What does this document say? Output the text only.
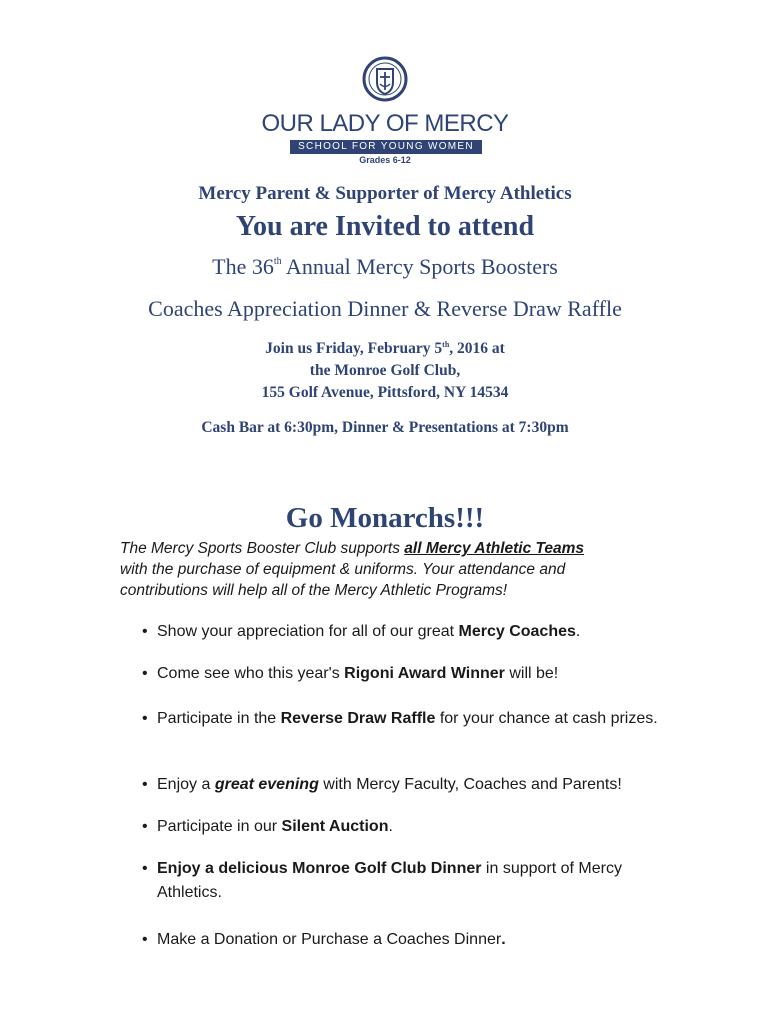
OUR LADY OF MERCY
SCHOOL FOR YOUNG WOMEN
Grades 6-12
Mercy Parent & Supporter of Mercy Athletics
You are Invited to attend
The 36th Annual Mercy Sports Boosters
Coaches Appreciation Dinner & Reverse Draw Raffle
Join us Friday, February 5th, 2016 at
the Monroe Golf Club,
155 Golf Avenue, Pittsford, NY 14534
Cash Bar at 6:30pm, Dinner & Presentations at 7:30pm
Go Monarchs!!!
The Mercy Sports Booster Club supports all Mercy Athletic Teams
with the purchase of equipment & uniforms. Your attendance and
contributions will help all of the Mercy Athletic Programs!
• Show your appreciation for all of our great Mercy Coaches.
• Come see who this year's Rigoni Award Winner will be!
• Participate in the Reverse Draw Raffle for your chance at cash prizes.
• Enjoy a great evening with Mercy Faculty, Coaches and Parents!
• Participate in our Silent Auction.
• Enjoy a delicious Monroe Golf Club Dinner in support of Mercy Athletics.
• Make a Donation or Purchase a Coaches Dinner.
